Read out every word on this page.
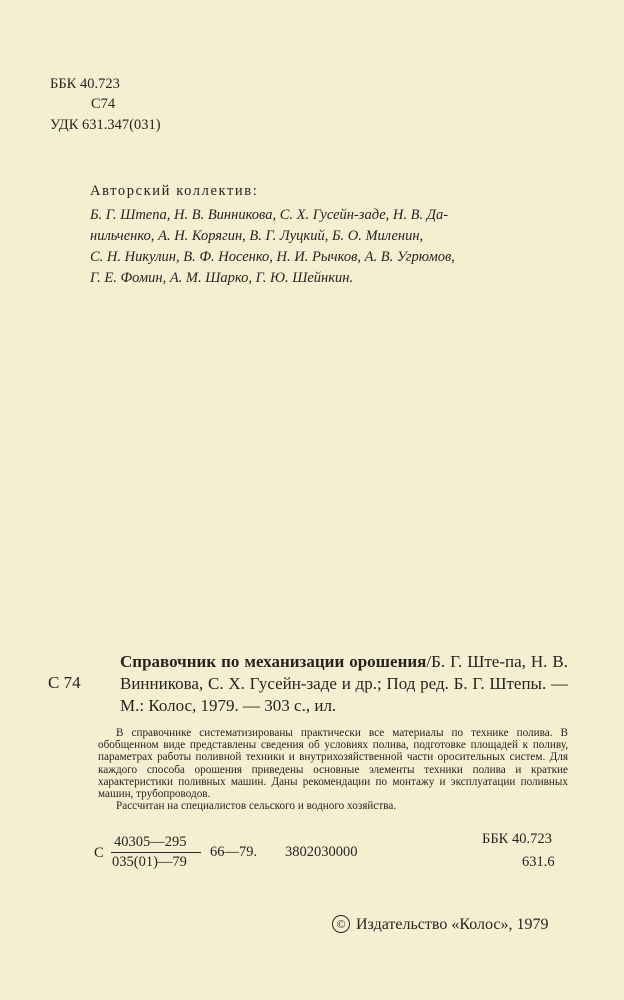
ББК 40.723
С74
УДК 631.347(031)
Авторский коллектив:
Б. Г. Штепа, Н. В. Винникова, С. Х. Гусейн-заде, Н. В. Да-
нильченко, А. Н. Корягин, В. Г. Луцкий, Б. О. Миленин,
С. Н. Никулин, В. Ф. Носенко, Н. И. Рычков, А. В. Угрюмов,
Г. Е. Фомин, А. М. Шарко, Г. Ю. Шейнкин.
С 74
Справочник по механизации орошения/Б. Г. Ште-па, Н. В. Винникова, С. Х. Гусейн-заде и др.; Под ред. Б. Г. Штепы. — М.: Колос, 1979. — 303 с., ил.

В справочнике систематизированы практически все материалы по технике полива. В обобщенном виде представлены сведения об условиях полива, подготовке площадей к поливу, параметрах работы поливной техники и внутрихозяйственной части оросительных систем. Для каждого способа орошения приведены основные элементы техники полива и краткие характеристики поливных машин. Даны рекомендации по монтажу и эксплуатации поливных машин, трубопроводов.

Рассчитан на специалистов сельского и водного хозяйства.

С
40305—295
035(01)—79
66—79. 3802030000
ББК 40.723
631.6
© Издательство «Колос», 1979
